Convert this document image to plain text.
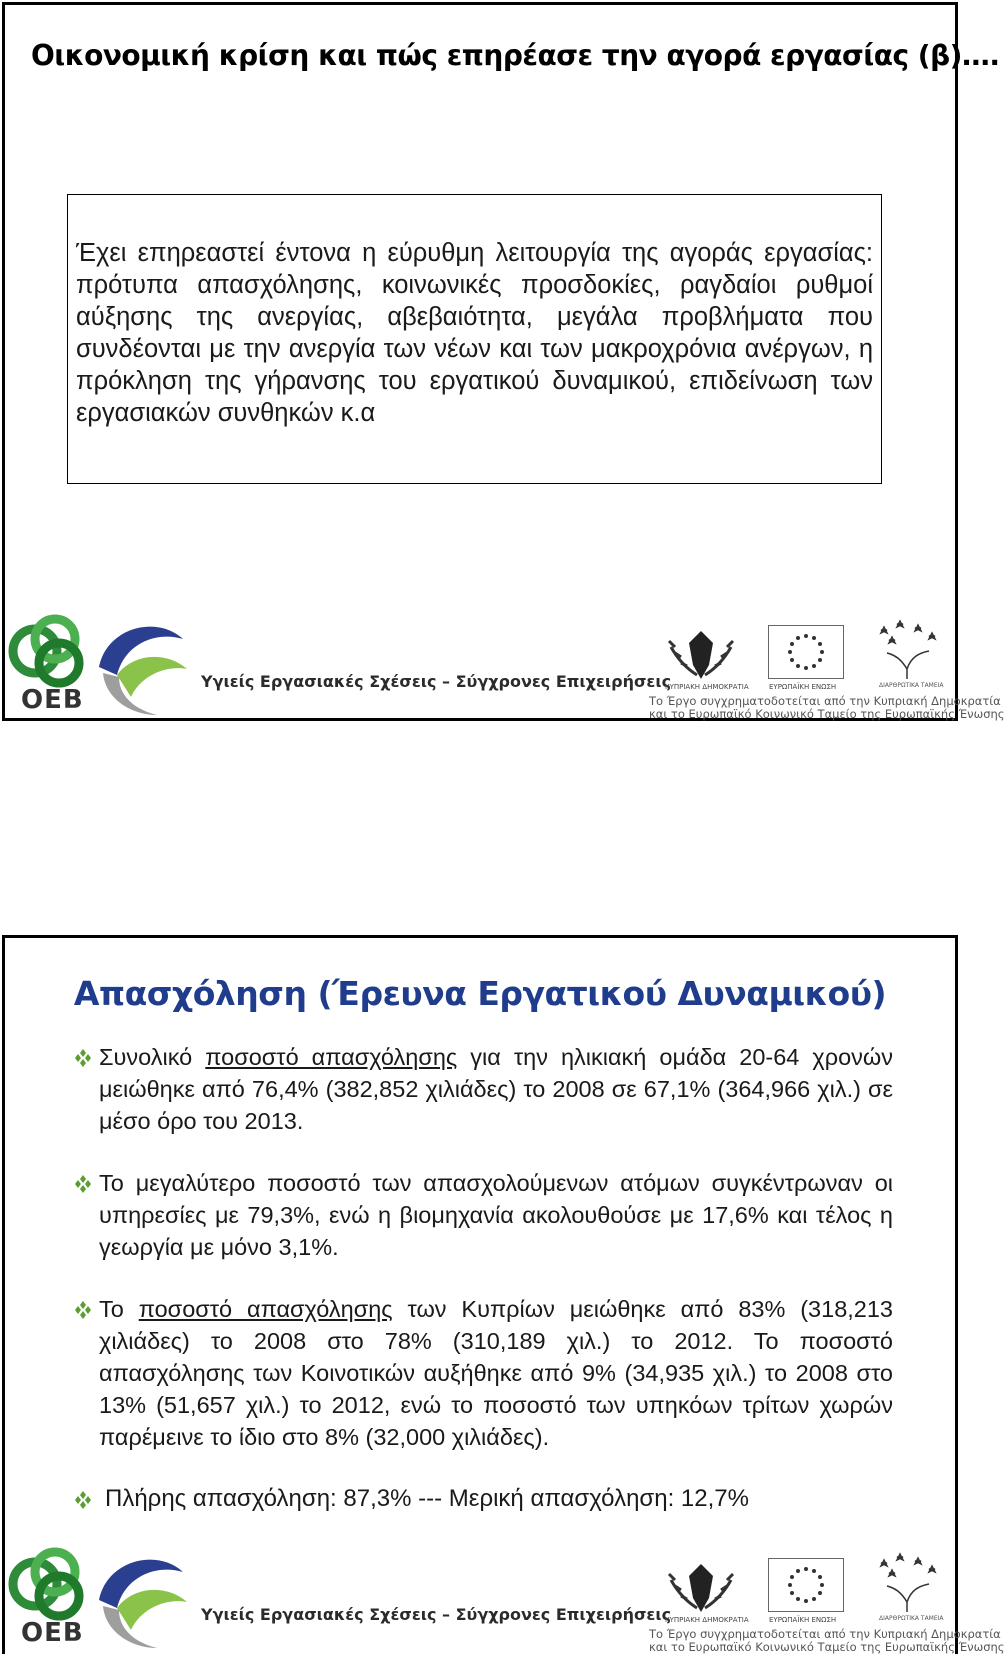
Οικονομική κρίση και πώς επηρέασε την αγορά εργασίας (β)….
Έχει επηρεαστεί έντονα η εύρυθμη λειτουργία της αγοράς εργασίας: πρότυπα απασχόλησης, κοινωνικές προσδοκίες, ραγδαίοι ρυθμοί αύξησης της ανεργίας, αβεβαιότητα, μεγάλα προβλήματα που συνδέονται με την ανεργία των νέων και των μακροχρόνια ανέργων, η πρόκληση της γήρανσης του εργατικού δυναμικού, επιδείνωση των εργασιακών συνθηκών κ.α
ΟΕΒ
Υγιείς Εργασιακές Σχέσεις – Σύγχρονες Επιχειρήσεις
ΚΥΠΡΙΑΚΗ ΔΗΜΟΚΡΑΤΙΑ	ΕΥΡΩΠΑΪΚΗ ΕΝΩΣΗ	ΔΙΑΡΘΡΩΤΙΚΑ ΤΑΜΕΙΑ
Το Έργο συγχρηματοδοτείται από την Κυπριακή Δημοκρατία
και το Ευρωπαϊκό Κοινωνικό Ταμείο της Ευρωπαϊκής Ένωσης
Απασχόληση (Έρευνα Εργατικού Δυναμικού)
Συνολικό ποσοστό απασχόλησης για την ηλικιακή ομάδα 20-64 χρονών μειώθηκε από 76,4% (382,852 χιλιάδες) το 2008 σε 67,1% (364,966 χιλ.) σε μέσο όρο του 2013.
Το μεγαλύτερο ποσοστό των απασχολούμενων ατόμων συγκέντρωναν οι υπηρεσίες με 79,3%, ενώ η βιομηχανία ακολουθούσε με 17,6% και τέλος η γεωργία με μόνο 3,1%.
Το ποσοστό απασχόλησης των Κυπρίων μειώθηκε από 83% (318,213 χιλιάδες) το 2008 στο 78% (310,189 χιλ.) το 2012. Το ποσοστό απασχόλησης των Κοινοτικών αυξήθηκε από 9% (34,935 χιλ.) το 2008 στο 13% (51,657 χιλ.) το 2012, ενώ το ποσοστό των υπηκόων τρίτων χωρών παρέμεινε το ίδιο στο 8% (32,000 χιλιάδες).
Πλήρης απασχόληση: 87,3% --- Μερική απασχόληση: 12,7%
ΟΕΒ
Υγιείς Εργασιακές Σχέσεις – Σύγχρονες Επιχειρήσεις
ΚΥΠΡΙΑΚΗ ΔΗΜΟΚΡΑΤΙΑ	ΕΥΡΩΠΑΪΚΗ ΕΝΩΣΗ	ΔΙΑΡΘΡΩΤΙΚΑ ΤΑΜΕΙΑ
Το Έργο συγχρηματοδοτείται από την Κυπριακή Δημοκρατία
και το Ευρωπαϊκό Κοινωνικό Ταμείο της Ευρωπαϊκής Ένωσης
